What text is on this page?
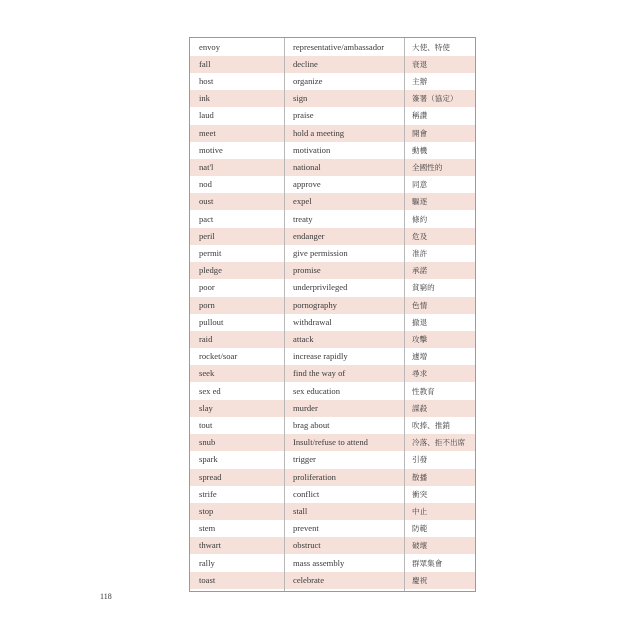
envoy	representative/ambassador	大使、特使
fall	decline	衰退
host	organize	主辦
ink	sign	簽署（協定）
laud	praise	稱讚
meet	hold a meeting	開會
motive	motivation	動機
nat'l	national	全國性的
nod	approve	同意
oust	expel	驅逐
pact	treaty	條約
peril	endanger	危及
permit	give permission	准許
pledge	promise	承諾
poor	underprivileged	貧窮的
porn	pornography	色情
pullout	withdrawal	撤退
raid	attack	攻擊
rocket/soar	increase rapidly	遽增
seek	find the way of	尋求
sex ed	sex education	性教育
slay	murder	謀殺
tout	brag about	吹捧、推銷
snub	Insult/refuse to attend	冷落、拒不出席
spark	trigger	引發
spread	proliferation	散播
strife	conflict	衝突
stop	stall	中止
stem	prevent	防範
thwart	obstruct	破壞
rally	mass assembly	群眾集會
toast	celebrate	慶祝
118
